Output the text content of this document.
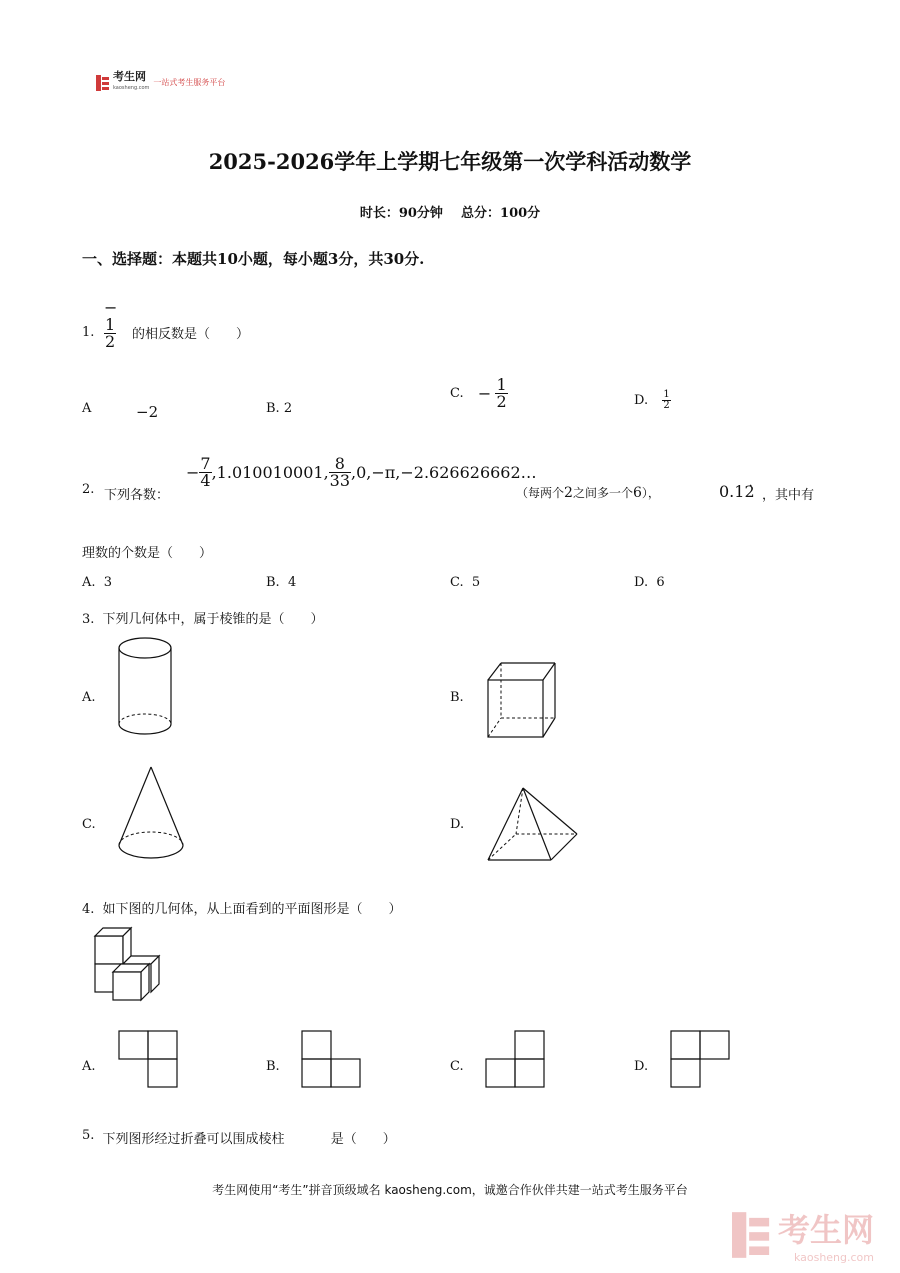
考生网
kaosheng.com
一站式考生服务平台
2025-2026学年上学期七年级第一次学科活动数学
时长：90分钟    总分：100分
一、选择题：本题共10小题，每小题3分，共30分.
1.
−
$\frac{1}{2}$ 的相反数是（　　）
A	−2	B. 2
C. − $\frac{1}{2}$	D. $\frac{1}{2}$
2. 下列各数：
− $\frac{7}{4} ,1.010010001$, $\frac{8}{33}$ ,0,−π,−2.626626662…
（每两个2之间多一个6），	0.12̇ ，其中有
理数的个数是（　　）
A.  3	B.  4	C.  5	D.  6
3. 下列几何体中，属于棱锥的是（　　）
A.	B.
C.	D.
4. 如下图的几何体，从上面看到的平面图形是（　　）
A.	B.	C.	D.
5. 下列图形经过折叠可以围成棱柱	是（　　）
考生网使用“考生”拼音顶级域名 kaosheng.com，诚邀合作伙伴共建一站式考生服务平台
考生网
kaosheng.com
